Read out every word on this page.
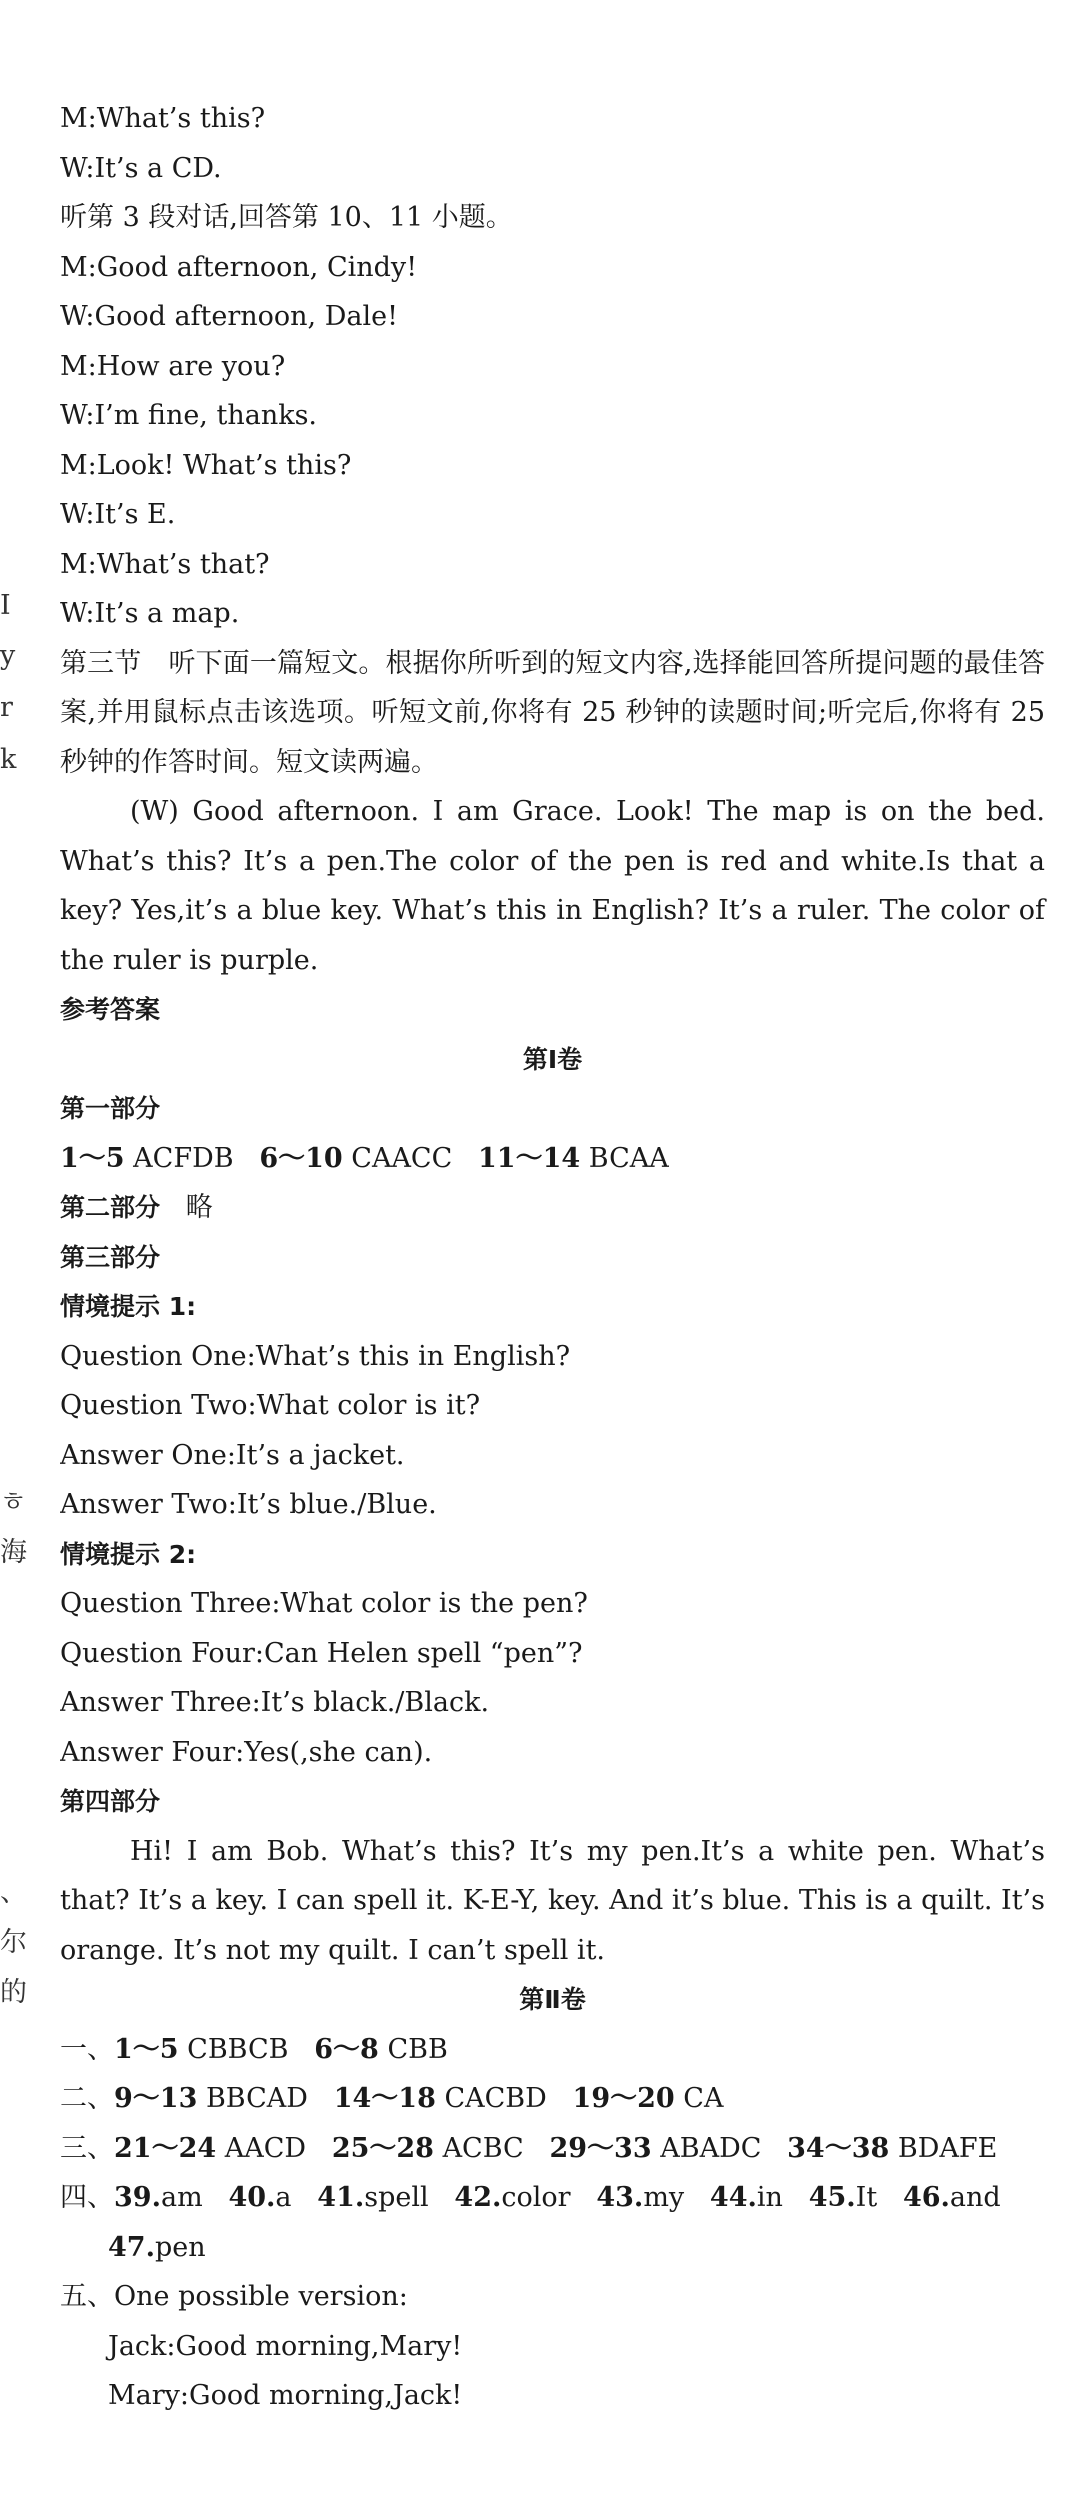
I
y
r
k
ㅎ
海
、
尔
的
M:What’s this?
W:It’s a CD.
听第 3 段对话,回答第 10、11 小题。
M:Good afternoon, Cindy!
W:Good afternoon, Dale!
M:How are you?
W:I’m fine, thanks.
M:Look! What’s this?
W:It’s E.
M:What’s that?
W:It’s a map.
第三节　听下面一篇短文。根据你所听到的短文内容,选择能回答所提问题的最佳答案,并用鼠标点击该选项。听短文前,你将有 25 秒钟的读题时间;听完后,你将有 25 秒钟的作答时间。短文读两遍。
(W) Good afternoon. I am Grace. Look! The map is on the bed. What’s this? It’s a pen.The color of the pen is red and white.Is that a key? Yes,it’s a blue key. What’s this in English? It’s a ruler. The color of the ruler is purple.
参考答案
第Ⅰ卷
第一部分
1～5 ACFDB 6～10 CAACC 11～14 BCAA
第二部分 略
第三部分
情境提示 1:
Question One:What’s this in English?
Question Two:What color is it?
Answer One:It’s a jacket.
Answer Two:It’s blue./Blue.
情境提示 2:
Question Three:What color is the pen?
Question Four:Can Helen spell “pen”?
Answer Three:It’s black./Black.
Answer Four:Yes(,she can).
第四部分
Hi! I am Bob. What’s this? It’s my pen.It’s a white pen. What’s that? It’s a key. I can spell it. K-E-Y, key. And it’s blue. This is a quilt. It’s orange. It’s not my quilt. I can’t spell it.
第Ⅱ卷
一、1～5 CBBCB 6～8 CBB
二、9～13 BBCAD 14～18 CACBD 19～20 CA
三、21～24 AACD 25～28 ACBC 29～33 ABADC 34～38 BDAFE
四、39.am 40.a 41.spell 42.color 43.my 44.in 45.It 46.and
47.pen
五、One possible version:
Jack:Good morning,Mary!
Mary:Good morning,Jack!
